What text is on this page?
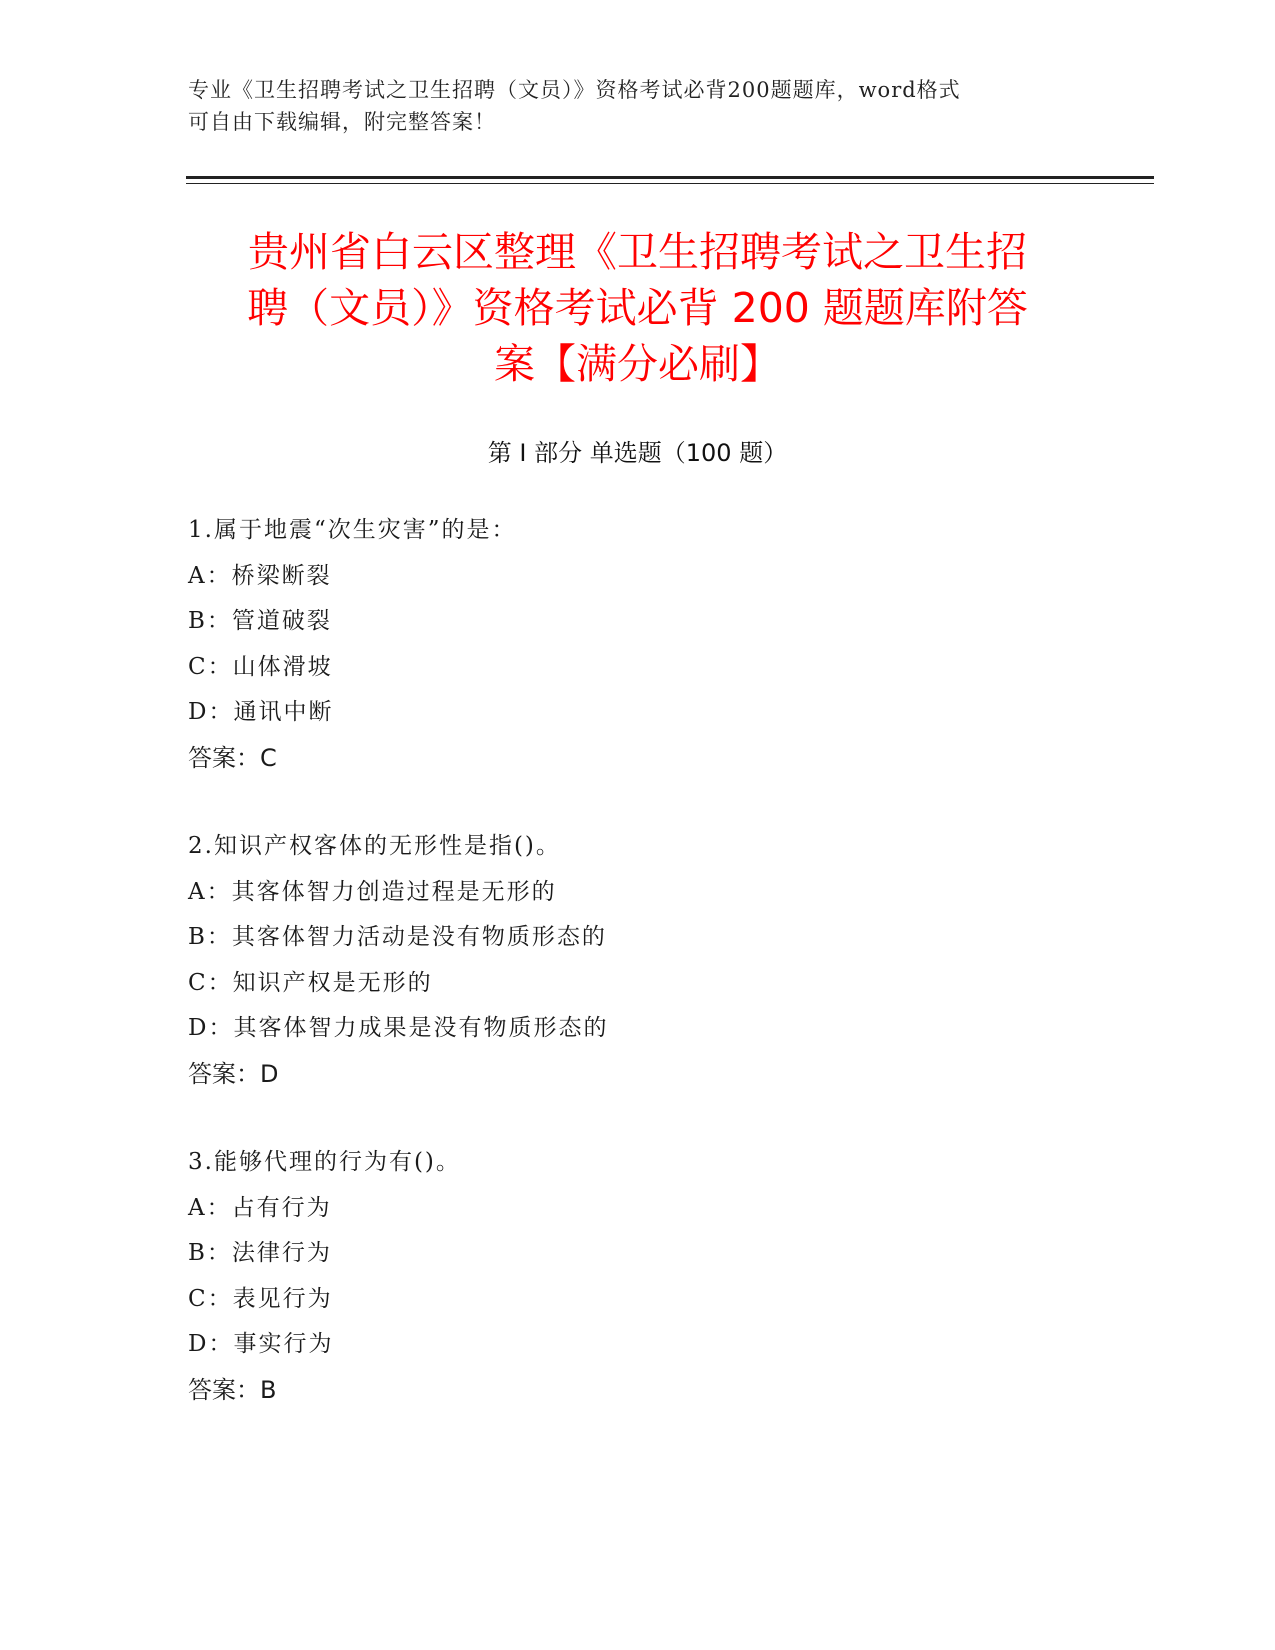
专业《卫生招聘考试之卫生招聘（文员）》资格考试必背200题题库，word格式
可自由下载编辑，附完整答案！
贵州省白云区整理《卫生招聘考试之卫生招
聘（文员）》资格考试必背 200 题题库附答
案【满分必刷】
第 I 部分 单选题（100 题）
1.属于地震“次生灾害”的是：
A：桥梁断裂
B：管道破裂
C：山体滑坡
D：通讯中断
答案：C
2.知识产权客体的无形性是指()。
A：其客体智力创造过程是无形的
B：其客体智力活动是没有物质形态的
C：知识产权是无形的
D：其客体智力成果是没有物质形态的
答案：D
3.能够代理的行为有()。
A：占有行为
B：法律行为
C：表见行为
D：事实行为
答案：B
